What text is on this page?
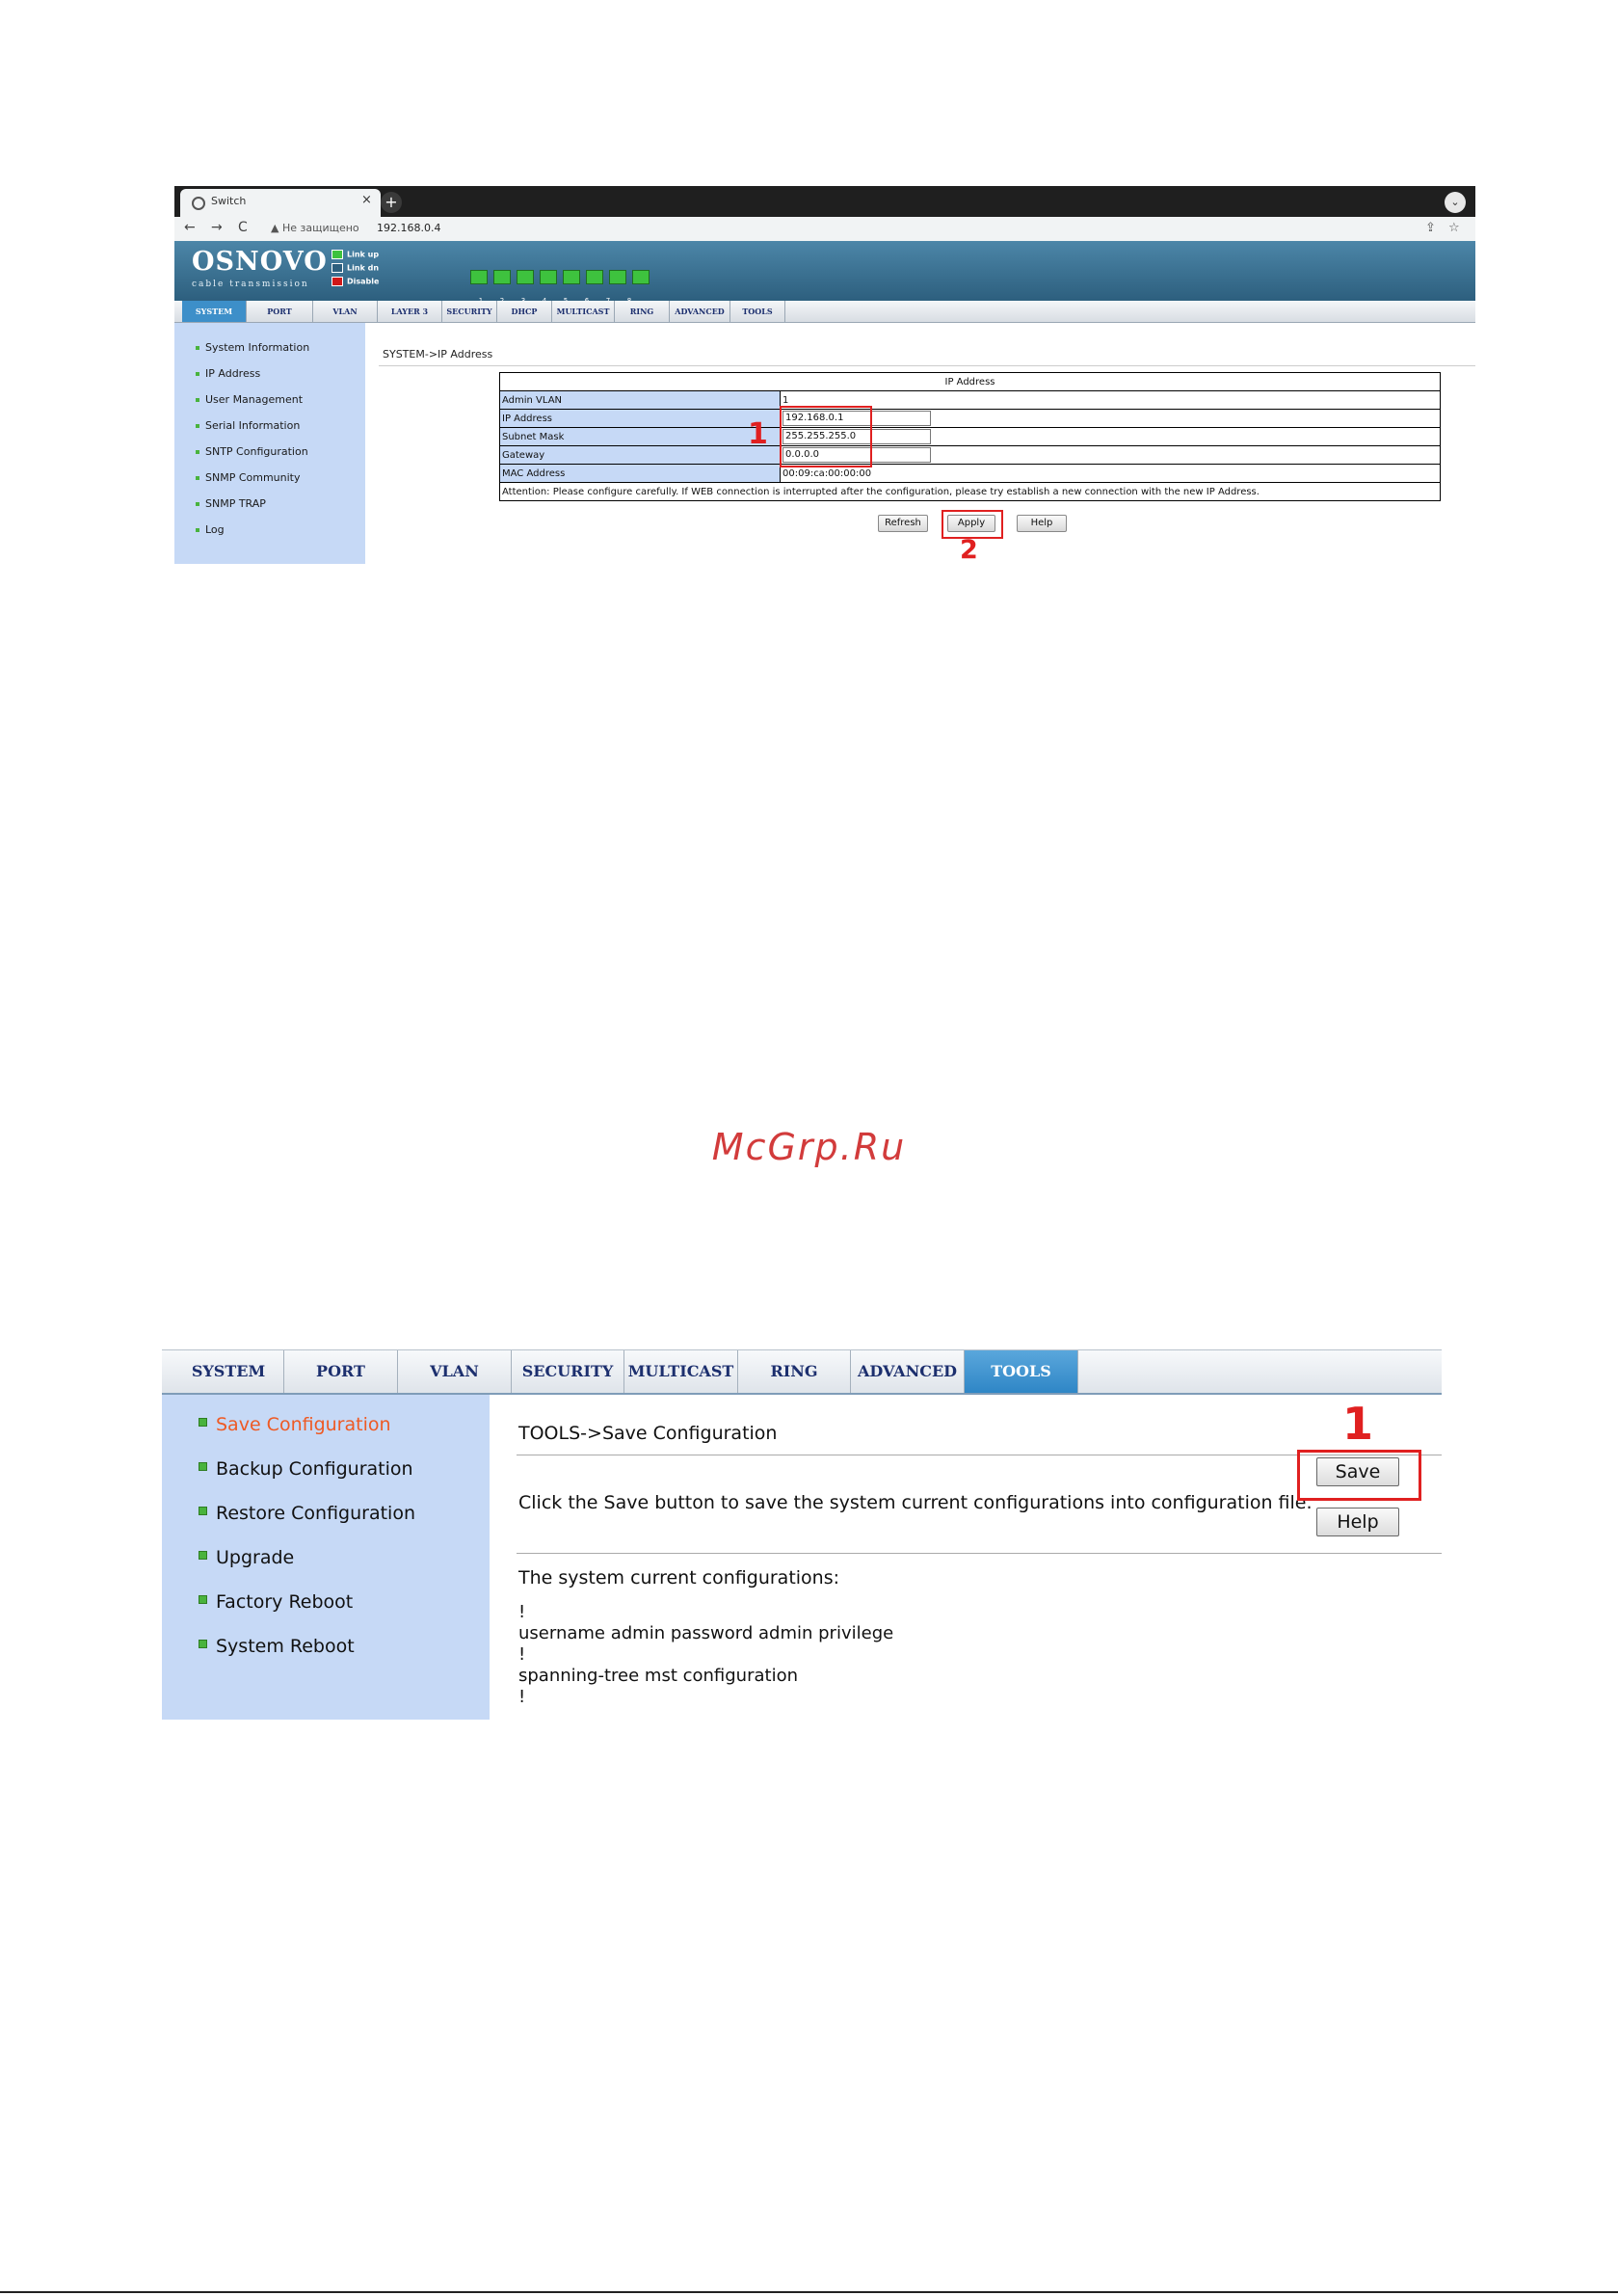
Switch	× +	⌄
← → C ▲ Не защищено 192.168.0.4	⇪ ☆
OSNOVO
cable transmission
Link up
Link dn
Disable
SYSTEM	PORT	VLAN	LAYER 3	SECURITY	DHCP	MULTICAST	RING	ADVANCED	TOOLS
System Information
IP Address
User Management
Serial Information
SNTP Configuration
SNMP Community
SNMP TRAP
Log
SYSTEM->IP Address
IP Address	
Admin VLAN	1
IP Address	192.168.0.1
Subnet Mask	255.255.255.0
Gateway	0.0.0.0
MAC Address	00:09:ca:00:00:00
Attention: Please configure carefully. If WEB connection is interrupted after the configuration, please try establish a new connection with the new IP Address.	
1
Refresh	Apply	Help
2
McGrp.Ru
SYSTEM	PORT	VLAN	SECURITY MULTICAST	RING	ADVANCED	TOOLS
Save Configuration
Backup Configuration
Restore Configuration
Upgrade
Factory Reboot
System Reboot
TOOLS->Save Configuration
Click the Save button to save the system current configurations into configuration file.
Save
Help
1
The system current configurations:
!
username admin password admin privilege
!
spanning-tree mst configuration
!
